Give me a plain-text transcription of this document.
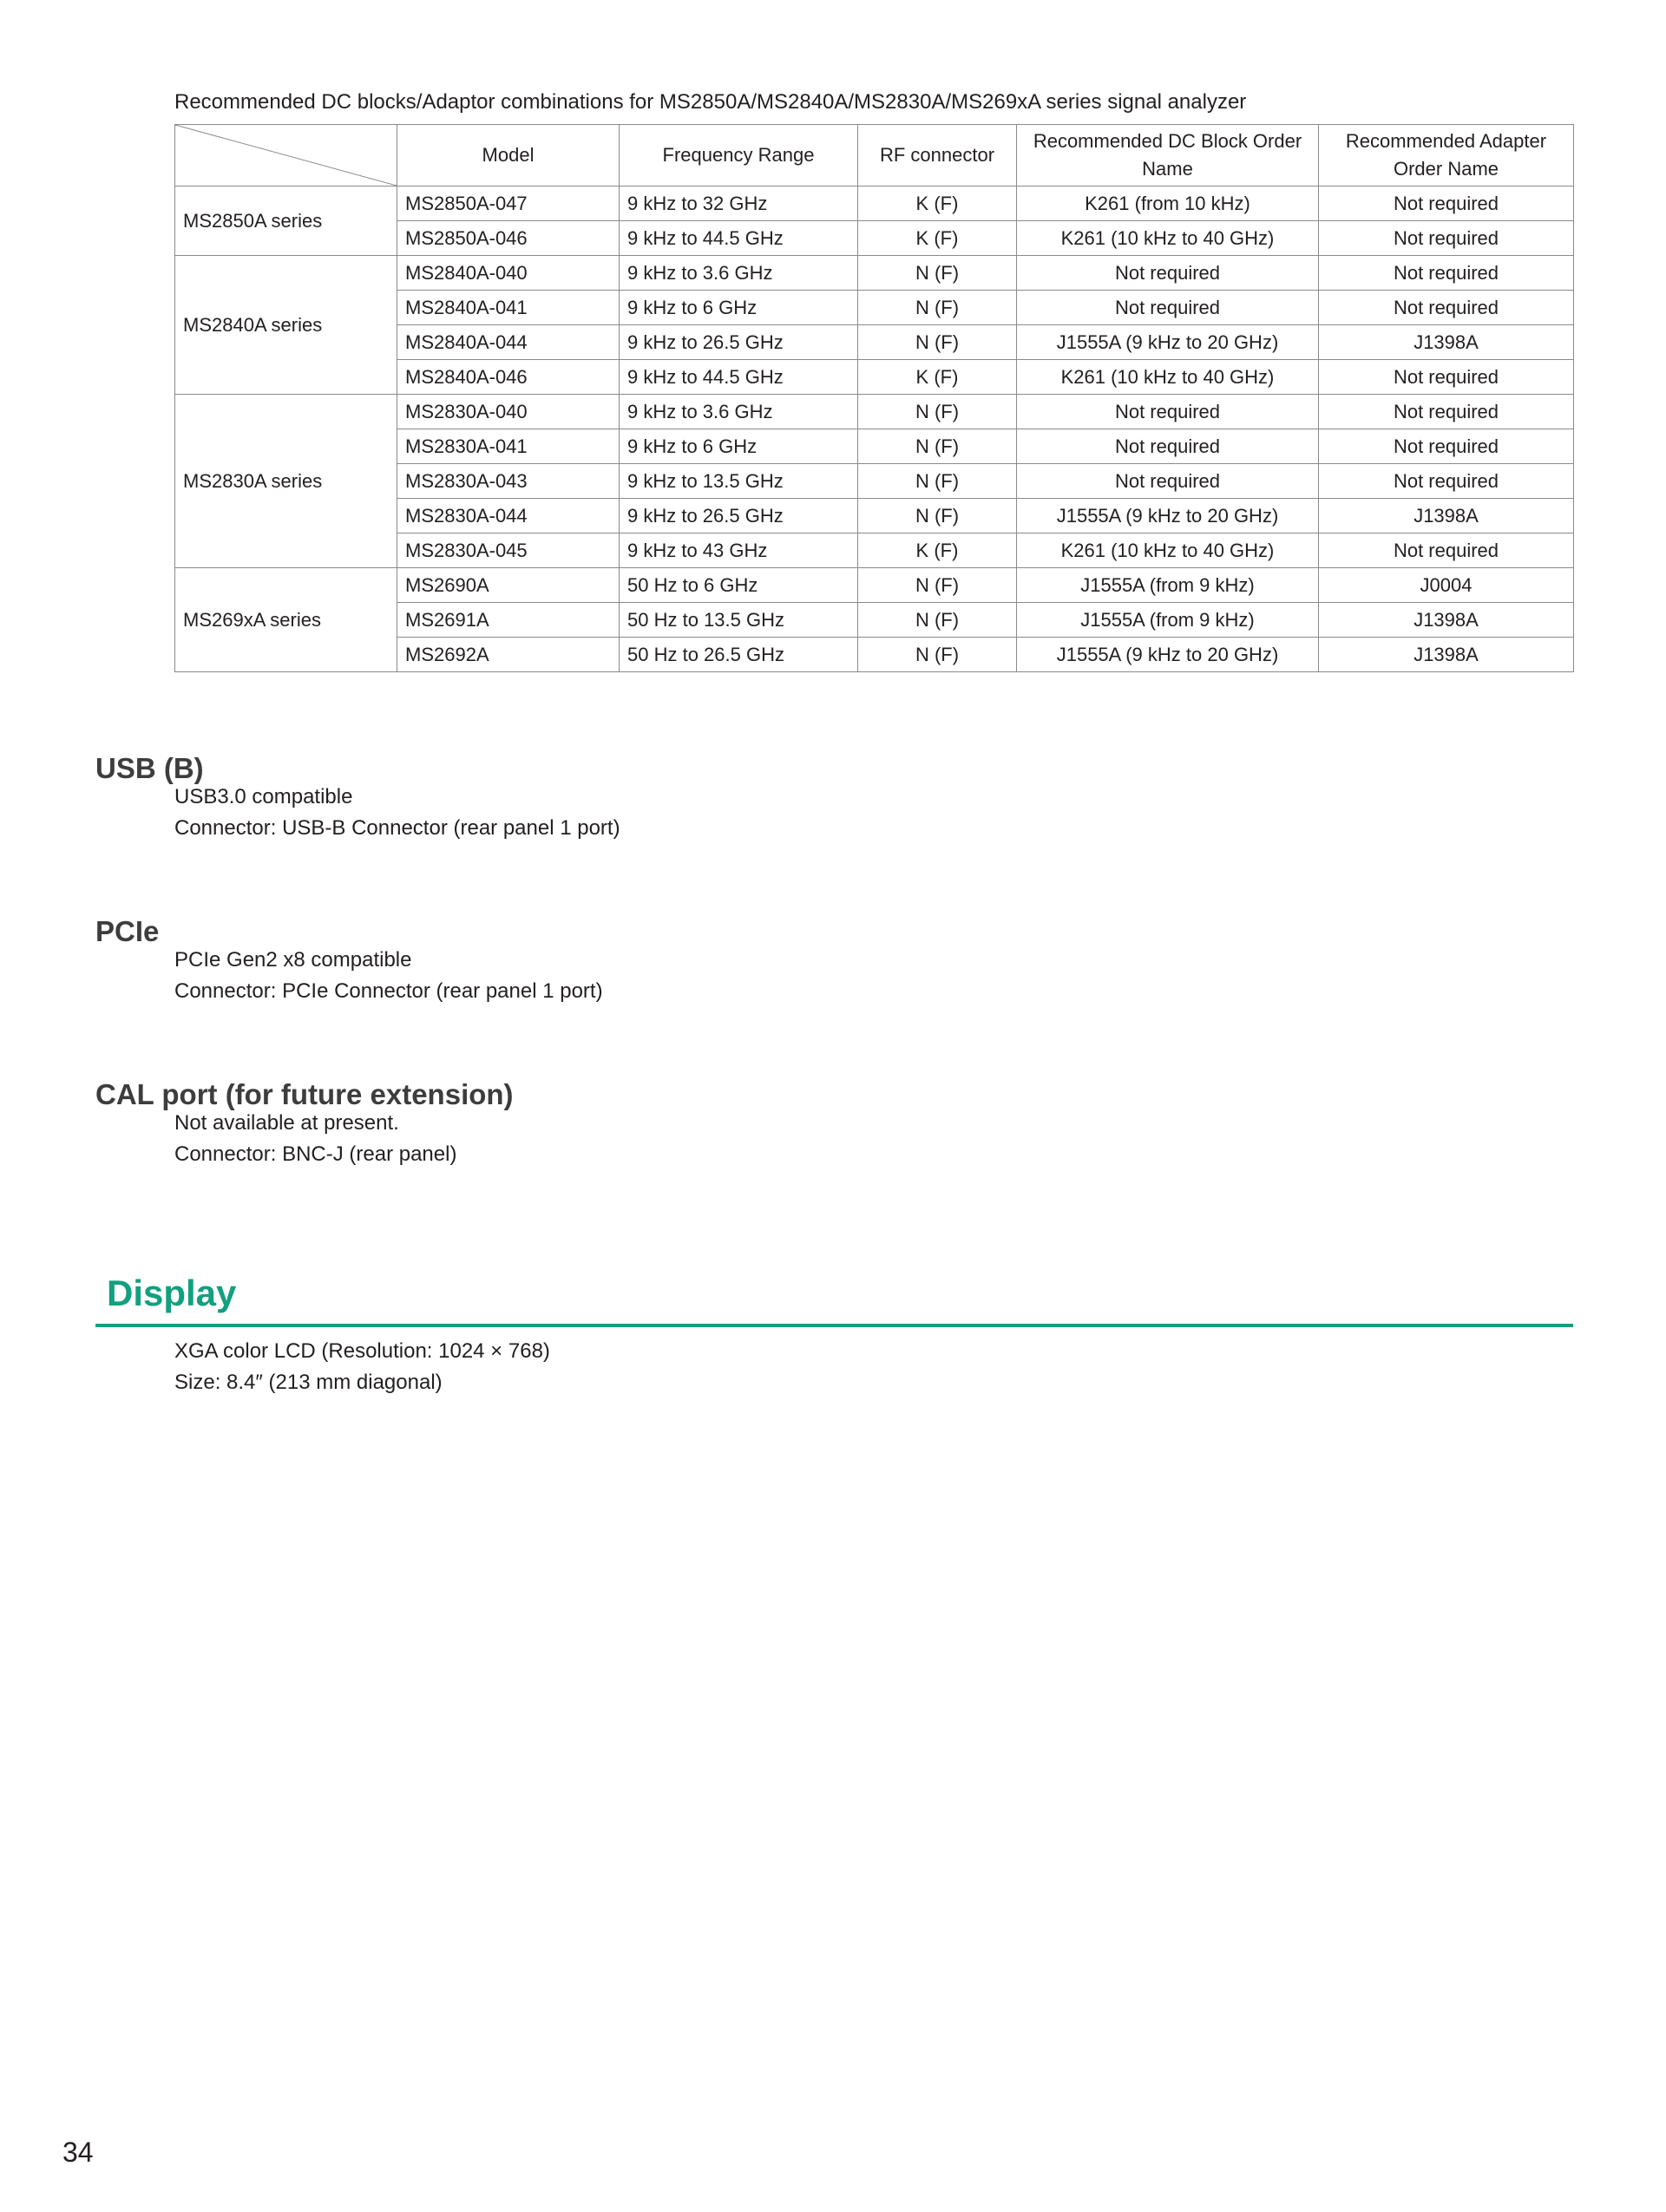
Recommended DC blocks/Adaptor combinations for MS2850A/MS2840A/MS2830A/MS269xA series signal analyzer
	Model	Frequency Range	RF connector	Recommended DC Block Order Name	Recommended Adapter Order Name
MS2850A series	MS2850A-047	9 kHz to 32 GHz	K (F)	K261 (from 10 kHz)	Not required
	MS2850A-046	9 kHz to 44.5 GHz	K (F)	K261 (10 kHz to 40 GHz)	Not required
MS2840A series	MS2840A-040	9 kHz to 3.6 GHz	N (F)	Not required	Not required
	MS2840A-041	9 kHz to 6 GHz	N (F)	Not required	Not required
	MS2840A-044	9 kHz to 26.5 GHz	N (F)	J1555A (9 kHz to 20 GHz)	J1398A
	MS2840A-046	9 kHz to 44.5 GHz	K (F)	K261 (10 kHz to 40 GHz)	Not required
MS2830A series	MS2830A-040	9 kHz to 3.6 GHz	N (F)	Not required	Not required
	MS2830A-041	9 kHz to 6 GHz	N (F)	Not required	Not required
	MS2830A-043	9 kHz to 13.5 GHz	N (F)	Not required	Not required
	MS2830A-044	9 kHz to 26.5 GHz	N (F)	J1555A (9 kHz to 20 GHz)	J1398A
	MS2830A-045	9 kHz to 43 GHz	K (F)	K261 (10 kHz to 40 GHz)	Not required
MS269xA series	MS2690A	50 Hz to 6 GHz	N (F)	J1555A (from 9 kHz)	J0004
	MS2691A	50 Hz to 13.5 GHz	N (F)	J1555A (from 9 kHz)	J1398A
	MS2692A	50 Hz to 26.5 GHz	N (F)	J1555A (9 kHz to 20 GHz)	J1398A
USB (B)
USB3.0 compatible
Connector: USB-B Connector (rear panel 1 port)
PCIe
PCIe Gen2 x8 compatible
Connector: PCIe Connector (rear panel 1 port)
CAL port (for future extension)
Not available at present.
Connector: BNC-J (rear panel)
Display
XGA color LCD (Resolution: 1024 × 768)
Size: 8.4″ (213 mm diagonal)
34
